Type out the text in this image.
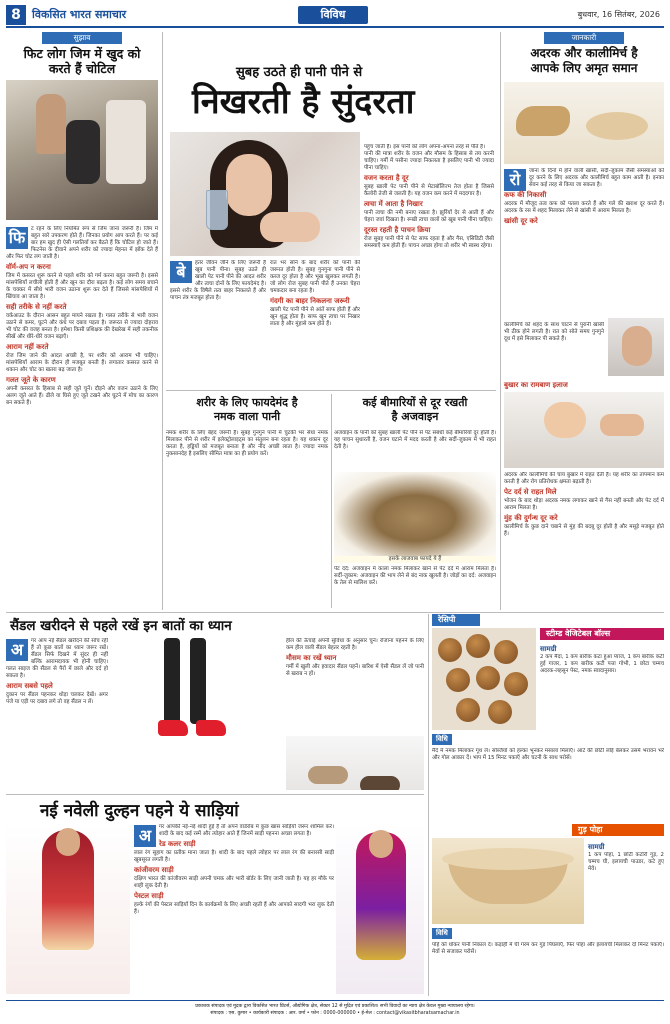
8	विकसित भारत समाचार	विविध	बुधवार, 16 सितंबर, 2026
सुझाव
फिट लोग जिम में खुद को
करते हैं चोटिल
फि	ट रहने के लिए नियमित रूप से जिम जाना जरूरी है। जिम में बहुत सारे उपकरण होते हैं। जिनका प्रयोग आप करते हैं। पर कई बार हम खुद ही ऐसी गलतियाँ कर बैठते हैं कि चोटिल हो जाते हैं। फिटनेस के दीवाने अपने शरीर को ज्यादा मेहनत में झोंक देते हैं और फिर चोट लग जाती है।
वॉर्म-अप न करना
जिम में कसरत शुरू करने से पहले शरीर को गर्म करना बहुत जरूरी है। इससे मांसपेशियाँ लचीली होती हैं और खून का दौरा बढ़ता है। कई लोग समय बचाने के चक्कर में सीधे भारी वजन उठाना शुरू कर देते हैं जिससे मांसपेशियों में खिंचाव आ जाता है।
सही तरीके से नहीं करते
वर्कआउट के दौरान आसन बहुत मायने रखता है। गलत तरीके से भारी वजन उठाने से कमर, घुटने और कंधे पर दबाव पड़ता है। जरूरत से ज्यादा दोहराव भी चोट की वजह बनता है। हमेशा किसी प्रशिक्षक की देखरेख में सही तकनीक सीखें और धीरे-धीरे वजन बढ़ाएँ।
आराम नहीं करते
रोज जिम जाने की आदत अच्छी है, पर शरीर को आराम भी चाहिए। मांसपेशियाँ आराम के दौरान ही मजबूत बनती हैं। लगातार कसरत करने से थकान और चोट का खतरा बढ़ जाता है।
गलत जूते के कारण
अपनी कसरत के हिसाब से सही जूते चुनें। दौड़ने और वजन उठाने के लिए अलग जूते आते हैं। ढीले या घिसे हुए जूते टखने और घुटने में मोच का कारण बन सकते हैं।
सुबह उठते ही पानी पीने से
निखरती है सुंदरता
बे	हतर जीवन जीने के लिए जरूरी है खूब पानी पीना। सुबह उठते ही खाली पेट पानी पीने की आदत शरीर और त्वचा दोनों के लिए फायदेमंद है। इससे शरीर के विषैले तत्व बाहर निकलते हैं और पाचन तंत्र मजबूत होता है।
रात भर सोने के बाद शरीर को पानी की जरूरत होती है। सुबह गुनगुना पानी पीने से कब्ज दूर होता है और भूख खुलकर लगती है। जो लोग रोज सुबह पानी पीते हैं उनका चेहरा चमकदार बना रहता है।
गंदगी का बाहर निकलना जरूरी
खाली पेट पानी पीने से आंतें साफ होती हैं और खून शुद्ध होता है। साफ खून त्वचा पर निखार लाता है और मुंहासे कम होते हैं।
पहुंच जाती है। इस पानी को लोग अपना-अपना तरह से पीते हैं।
पानी की मात्रा शरीर के वजन और मौसम के हिसाब से तय करनी चाहिए। गर्मी में पसीना ज्यादा निकलता है इसलिए पानी भी ज्यादा पीना चाहिए।
वजन करता है दूर
सुबह खाली पेट पानी पीने से मेटाबॉलिज्म तेज होता है जिससे कैलोरी तेजी से जलती है। यह वजन कम करने में मददगार है।
त्वचा में आता है निखार
पानी त्वचा की नमी बनाए रखता है। झुर्रियाँ देर से आती हैं और चेहरा जवां दिखता है। रूखी त्वचा वालों को खूब पानी पीना चाहिए।
दूरस्त रहती है पाचन क्रिया
रोज सुबह पानी पीने से पेट साफ रहता है और गैस, एसिडिटी जैसी समस्याएँ कम होती हैं। पाचन अच्छा होगा तो शरीर भी स्वस्थ रहेगा।
जानकारी
अदरक और कालीमिर्च है
आपके लिए अमृत समान
रो	जाना के दिनों में होने वाली खांसी, सर्दी-जुकाम जैसी समस्याओं को दूर करने के लिए अदरक और कालीमिर्च बहुत काम आती है। इनका सेवन कई तरह से किया जा सकता है।
कफ की निकासी
अदरक में मौजूद तत्व कफ को पतला करते हैं और गले की खराश दूर करते हैं। अदरक के रस में शहद मिलाकर लेने से खांसी में आराम मिलता है।
खांसी दूर करे
कालीमिर्च को शहद के साथ चाटने से पुरानी खांसी भी ठीक होने लगती है। रात को सोते समय गुनगुने दूध में इसे मिलाकर पी सकते हैं।
बुखार का रामबाण इलाज
अदरक और कालीमिर्च की चाय बुखार में राहत देती है। यह शरीर का तापमान कम करती है और रोग प्रतिरोधक क्षमता बढ़ाती है।
पेट दर्द से राहत मिले
भोजन के बाद थोड़ा अदरक नमक लगाकर खाने से गैस नहीं बनती और पेट दर्द में आराम मिलता है।
मुंह की दुर्गन्ध दूर करे
कालीमिर्च के कुछ दाने चबाने से मुंह की बदबू दूर होती है और मसूड़े मजबूत होते हैं।
शरीर के लिए फायदेमंद है
नमक वाला पानी
नमक शरीर के लिए बेहद जरूरी है। सुबह गुनगुने पानी में चुटकी भर सेंधा नमक मिलाकर पीने से शरीर में इलेक्ट्रोलाइट्स का संतुलन बना रहता है। यह थकान दूर करता है, हड्डियों को मजबूत बनाता है और नींद अच्छी लाता है। ज्यादा नमक नुकसानदेह है इसलिए सीमित मात्रा का ही प्रयोग करें।
कई बीमारियों से दूर रखती
है अजवाइन
अजवाइन के पानी को सुबह खाली पेट पीने से पेट संबंधी कई बीमारियाँ दूर होती हैं। यह पाचन सुधारती है, वजन घटाने में मदद करती है और सर्दी-जुकाम में भी राहत देती है।
इसके लाजवाब फायदे ये हैं
पेट दर्द: अजवाइन में काला नमक मिलाकर खाने से पेट दर्द में आराम मिलता है। सर्दी-जुकाम: अजवाइन की भाप लेने से बंद नाक खुलती है। जोड़ों का दर्द: अजवाइन के तेल से मालिश करें।
सैंडल खरीदने से पहले रखें इन बातों का ध्यान
अ	गर आप नई सैंडल खरीदने की सोच रही हैं तो कुछ बातों का ध्यान जरूर रखें। सैंडल सिर्फ दिखने में सुंदर ही नहीं बल्कि आरामदायक भी होनी चाहिए। गलत साइज की सैंडल से पैरों में छाले और दर्द हो सकता है।
आराम सबसे पहले
दुकान पर सैंडल पहनकर थोड़ा चलकर देखें। अगर पंजे या एड़ी पर दबाव लगे तो वह सैंडल न लें।
हील की ऊँचाई अपनी सुविधा के अनुसार चुनें। रोजाना पहनने के लिए कम हील वाली सैंडल बेहतर रहती है।
मौसम का रखें ध्यान
गर्मी में खुली और हवादार सैंडल पहनें। बारिश में ऐसी सैंडल लें जो पानी से खराब न हों।
नई नवेली दुल्हन पहने ये साड़ियां
अ	गर आपकी नई-नई शादी हुई है तो अपने वार्डरोब में कुछ खास साड़ियाँ जरूर शामिल करें। शादी के बाद कई रस्में और त्योहार आते हैं जिनमें साड़ी पहनना अच्छा लगता है।
रेड कलर साड़ी
लाल रंग सुहाग का प्रतीक माना जाता है। शादी के बाद पहले त्योहार पर लाल रंग की बनारसी साड़ी खूबसूरत लगती है।
कांजीवरम साड़ी
दक्षिण भारत की कांजीवरम साड़ी अपनी चमक और भारी बॉर्डर के लिए जानी जाती है। यह हर मौके पर शाही लुक देती है।
पेस्टल साड़ी
हल्के रंगों की पेस्टल साड़ियाँ दिन के कार्यक्रमों के लिए अच्छी रहती हैं और आपको सादगी भरा लुक देती हैं।
रेसिपी
स्टीम्ड वेजिटेबल बॉल्स
सामग्री
2 कप मैदा, 1 कप बारीक कटा हुआ प्याज, 1 कप बारीक कटी हुई गाजर, 1 कप बारीक कटी पत्ता गोभी, 1 छोटा चम्मच अदरक-लहसुन पेस्ट, नमक स्वादानुसार।
विधि
मैदे में नमक मिलाकर गूंथ लें। सब्जियों को हल्का भूनकर मसाला मिलाएँ। आटे की छोटी लोई बेलकर उसमें भरावन भरें और गोल आकार दें। भाप में 15 मिनट पकाएँ और चटनी के साथ परोसें।
गुड़ पोहा
सामग्री
1 कप पोहा, 1 छोटी कटोरी गुड़, 2 चम्मच घी, इलायची पाउडर, कटे हुए मेवे।
विधि
पोहे को धोकर पानी निकाल दें। कड़ाही में घी गरम कर गुड़ पिघलाएँ, फिर पोहा और इलायची मिलाकर दो मिनट पकाएँ। मेवों से सजाकर परोसें।
प्रकाशक संपादक एवं मुद्रक द्वारा विकसित भारत प्रिंटर्स, औद्योगिक क्षेत्र, सेक्टर 12 से मुद्रित एवं प्रकाशित। सभी विवादों का न्याय क्षेत्र केवल मुख्य न्यायालय रहेगा।
संपादक : एस. कुमार • कार्यकारी संपादक : आर. वर्मा • फोन : 0000-000000 • ई-मेल : contact@vikasitbharatsamachar.in
